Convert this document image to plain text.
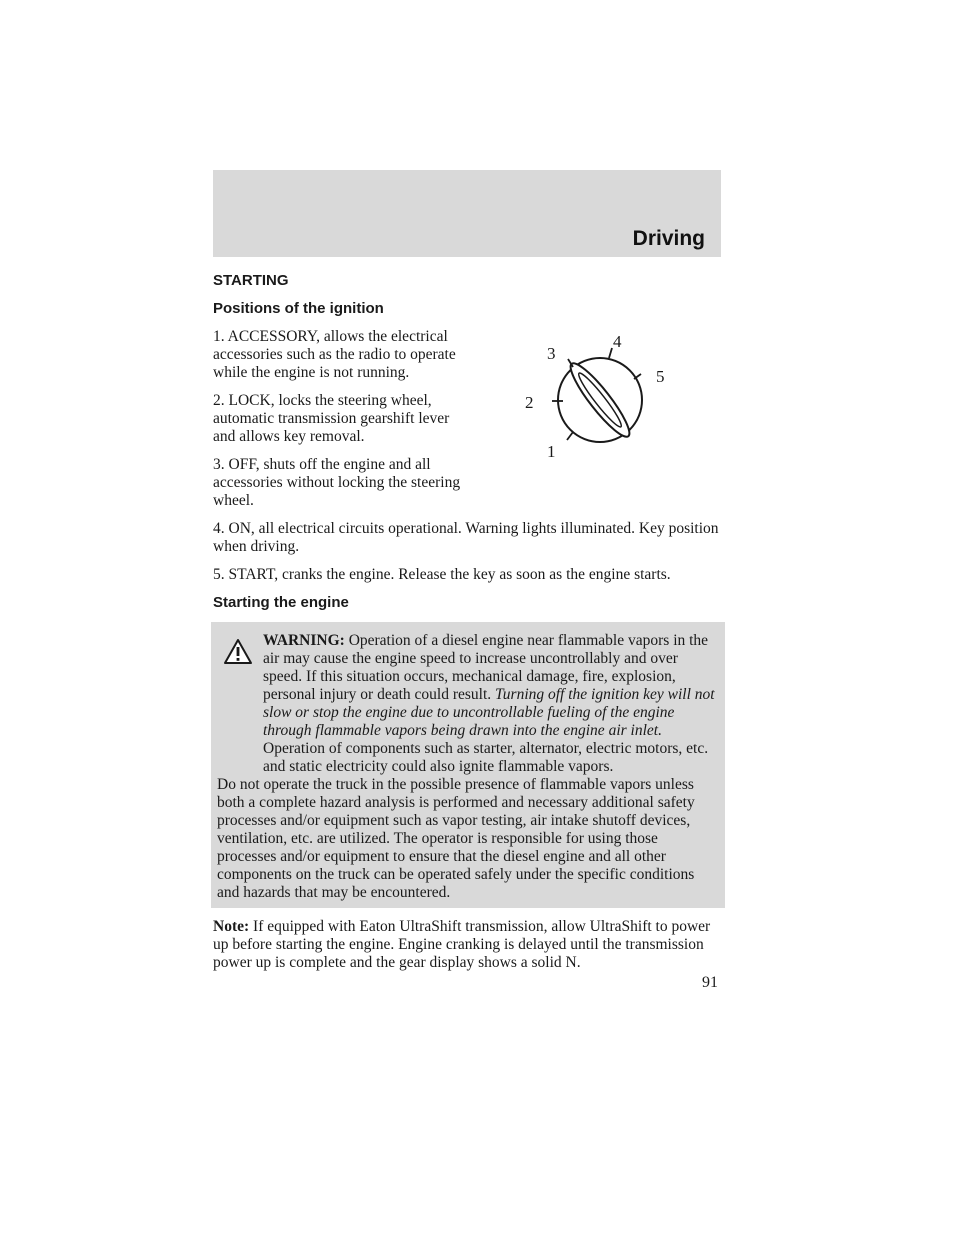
Driving
STARTING
Positions of the ignition

1. ACCESSORY, allows the electrical accessories such as the radio to operate while the engine is not running.

2. LOCK, locks the steering wheel, automatic transmission gearshift lever and allows key removal.

3. OFF, shuts off the engine and all accessories without locking the steering wheel.

4. ON, all electrical circuits operational. Warning lights illuminated. Key position when driving.

5. START, cranks the engine. Release the key as soon as the engine starts.

Starting the engine
WARNING: Operation of a diesel engine near flammable vapors in the air may cause the engine speed to increase uncontrollably and over speed. If this situation occurs, mechanical damage, fire, explosion, personal injury or death could result. Turning off the ignition key will not slow or stop the engine due to uncontrollable fueling of the engine through flammable vapors being drawn into the engine air inlet. Operation of components such as starter, alternator, electric motors, etc. and static electricity could also ignite flammable vapors.
Do not operate the truck in the possible presence of flammable vapors unless both a complete hazard analysis is performed and necessary additional safety processes and/or equipment such as vapor testing, air intake shutoff devices, ventilation, etc. are utilized. The operator is responsible for using those processes and/or equipment to ensure that the diesel engine and all other components on the truck can be operated safely under the specific conditions and hazards that may be encountered.

Note: If equipped with Eaton UltraShift transmission, allow UltraShift to power up before starting the engine. Engine cranking is delayed until the transmission power up is complete and the gear display shows a solid N.

1
2
3
4
5
91
